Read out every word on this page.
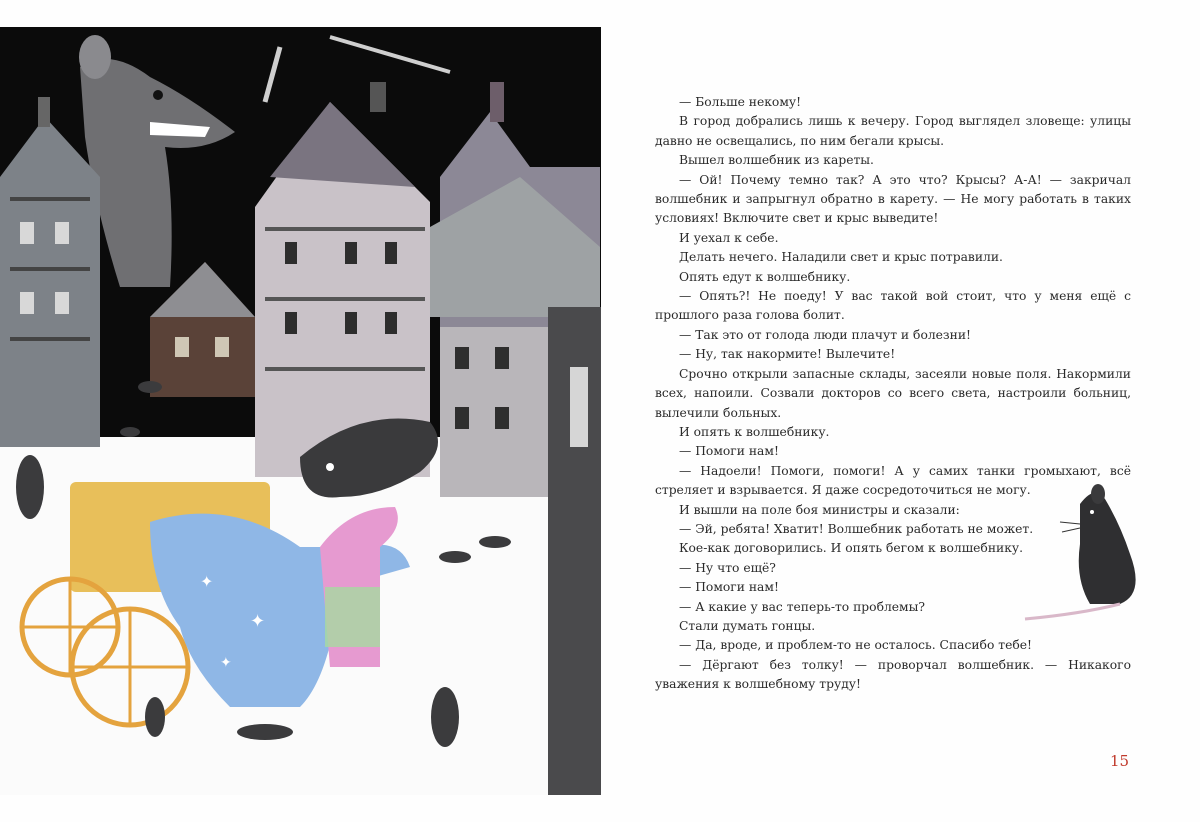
✦
✦
✦

— Больше некому!

В город добрались лишь к вечеру. Город выглядел зловеще: улицы давно не освещались, по ним бегали крысы.

Вышел волшебник из кареты.

— Ой! Почему темно так? А это что? Крысы? А-А! — закричал волшебник и запрыгнул обратно в карету. — Не могу работать в таких условиях! Включите свет и крыс выведите!

И уехал к себе.

Делать нечего. Наладили свет и крыс потравили.

Опять едут к волшебнику.

— Опять?! Не поеду! У вас такой вой стоит, что у меня ещё с прошлого раза голова болит.

— Так это от голода люди плачут и болезни!

— Ну, так накормите! Вылечите!

Срочно открыли запасные склады, засеяли новые поля. Накормили всех, напоили. Созвали докторов со всего света, настроили больниц, вылечили больных.

И опять к волшебнику.

— Помоги нам!

— Надоели! Помоги, помоги! А у самих танки громыхают, всё стреляет и взрывается. Я даже сосредоточиться не могу.

И вышли на поле боя министры и сказали:

— Эй, ребята! Хватит! Волшебник работать не может.

Кое-как договорились. И опять бегом к волшебнику.

— Ну что ещё?

— Помоги нам!

— А какие у вас теперь-то проблемы?

Стали думать гонцы.

— Да, вроде, и проблем-то не осталось. Спасибо тебе!

— Дёргают без толку! — проворчал волшебник. — Никакого уважения к волшебному труду!

15
